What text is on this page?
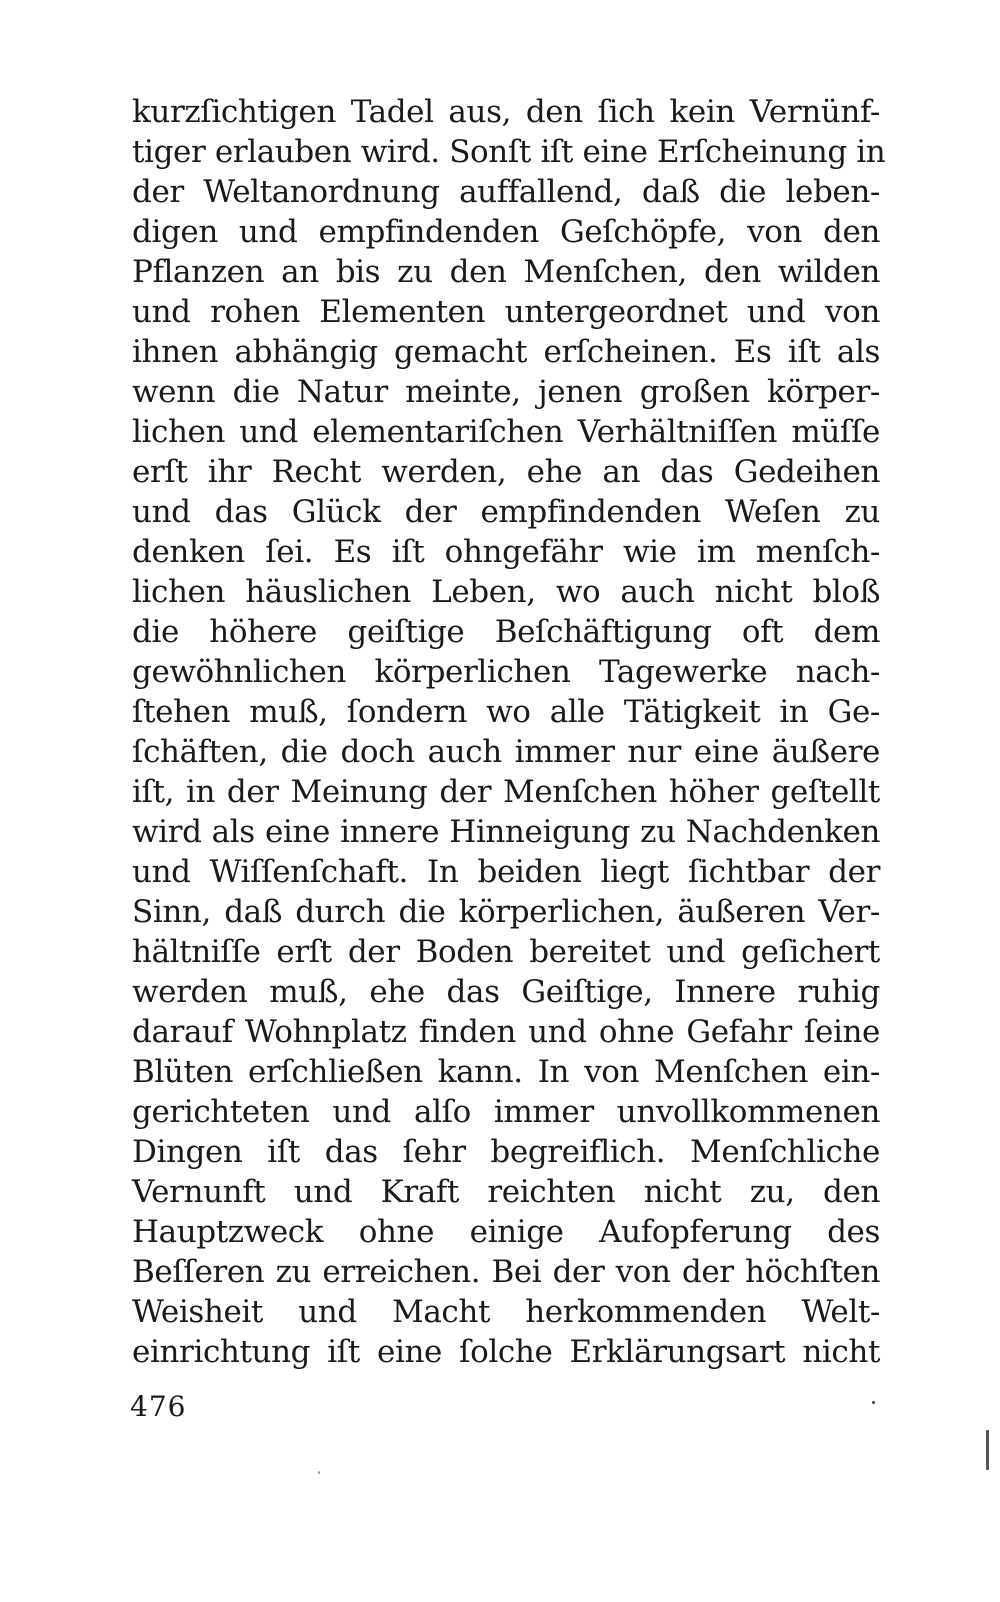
kurzſichtigen Tadel aus, den ſich kein Vernünf-
tiger erlauben wird. Sonſt iſt eine Erſcheinung in
der Weltanordnung auffallend, daß die leben-
digen und empfindenden Geſchöpfe, von den
Pflanzen an bis zu den Menſchen, den wilden
und rohen Elementen untergeordnet und von
ihnen abhängig gemacht erſcheinen. Es iſt als
wenn die Natur meinte, jenen großen körper-
lichen und elementariſchen Verhältniſſen müſſe
erſt ihr Recht werden, ehe an das Gedeihen
und das Glück der empfindenden Weſen zu
denken ſei. Es iſt ohngefähr wie im menſch-
lichen häuslichen Leben, wo auch nicht bloß
die höhere geiſtige Beſchäftigung oft dem
gewöhnlichen körperlichen Tagewerke nach-
ſtehen muß, ſondern wo alle Tätigkeit in Ge-
ſchäften, die doch auch immer nur eine äußere
iſt, in der Meinung der Menſchen höher geſtellt
wird als eine innere Hinneigung zu Nachdenken
und Wiſſenſchaft. In beiden liegt ſichtbar der
Sinn, daß durch die körperlichen, äußeren Ver-
hältniſſe erſt der Boden bereitet und geſichert
werden muß, ehe das Geiſtige, Innere ruhig
darauf Wohnplatz finden und ohne Gefahr ſeine
Blüten erſchließen kann. In von Menſchen ein-
gerichteten und alſo immer unvollkommenen
Dingen iſt das ſehr begreiflich. Menſchliche
Vernunft und Kraft reichten nicht zu, den
Hauptzweck ohne einige Aufopferung des
Beſſeren zu erreichen. Bei der von der höchſten
Weisheit und Macht herkommenden Welt-
einrichtung iſt eine ſolche Erklärungsart nicht
476
